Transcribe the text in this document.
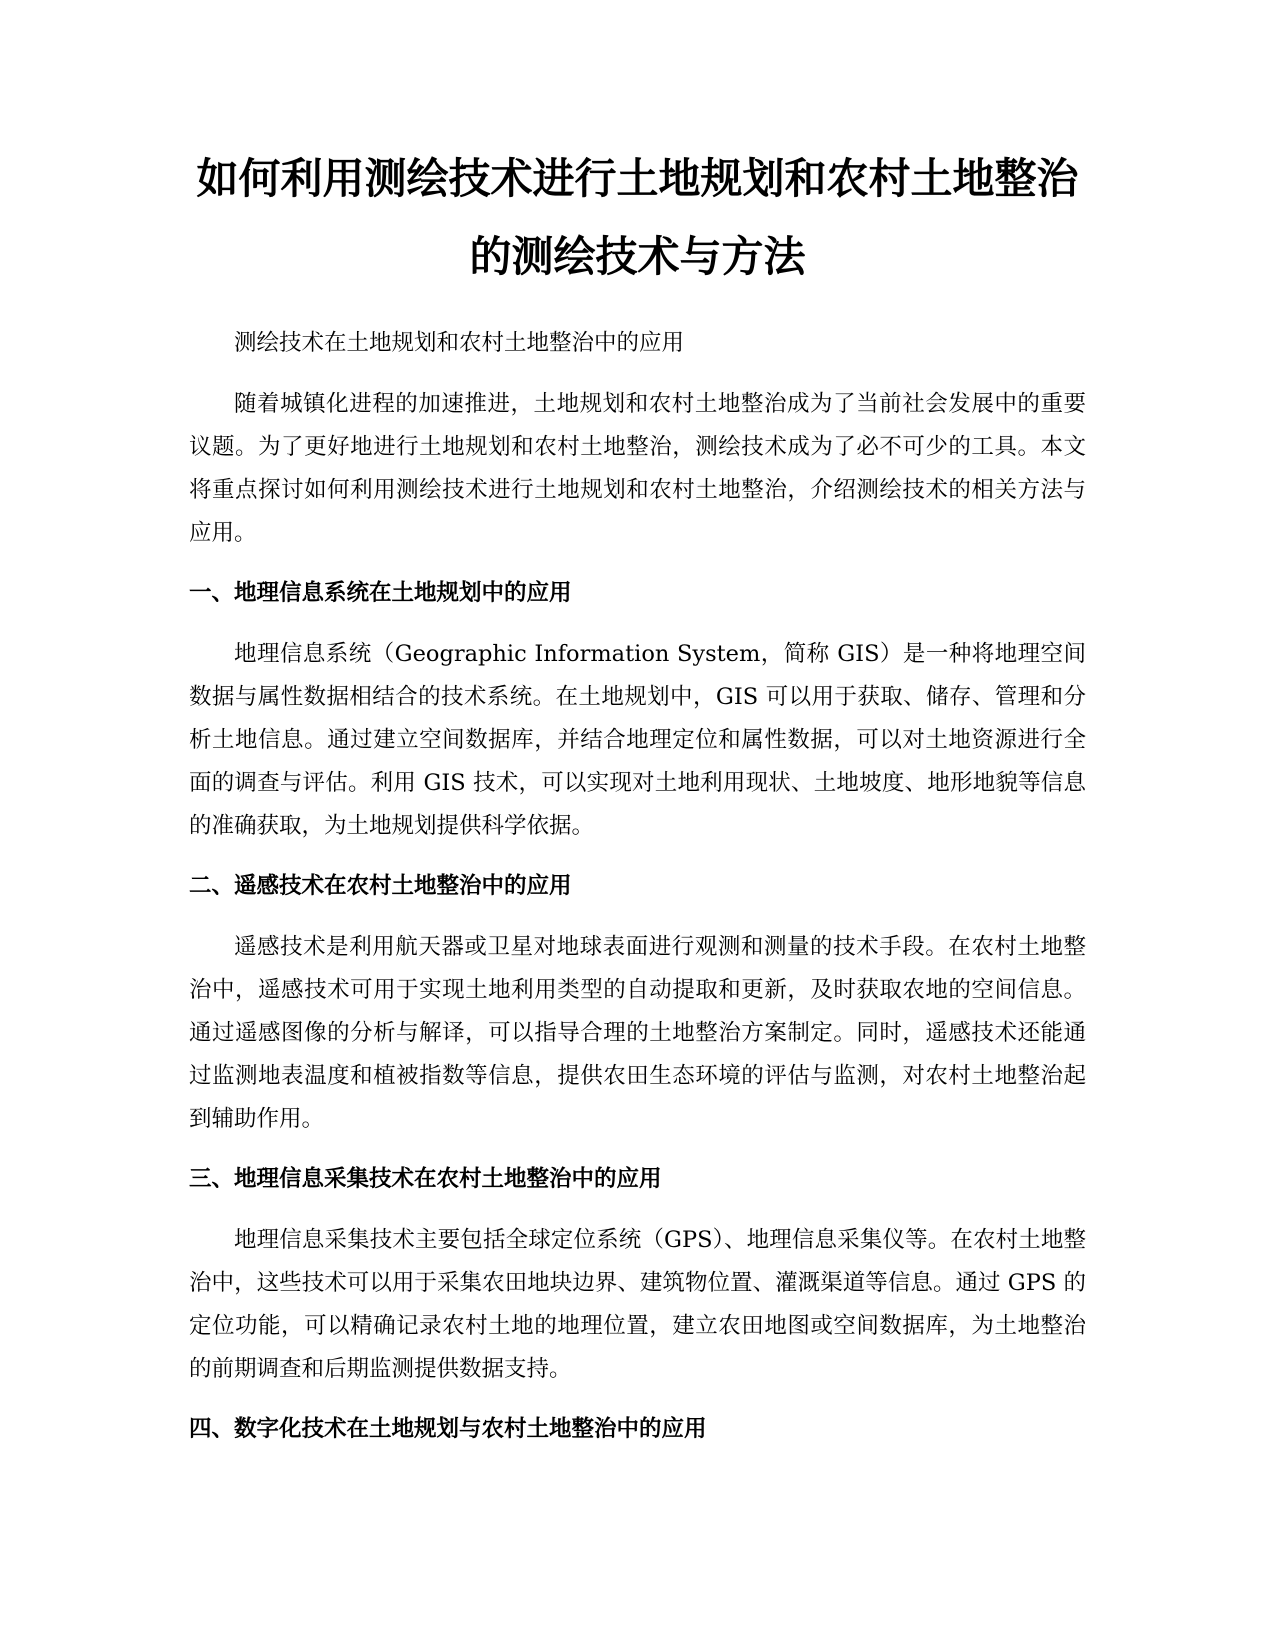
如何利用测绘技术进行土地规划和农村土地整治的测绘技术与方法

测绘技术在土地规划和农村土地整治中的应用

随着城镇化进程的加速推进，土地规划和农村土地整治成为了当前社会发展中的重要议题。为了更好地进行土地规划和农村土地整治，测绘技术成为了必不可少的工具。本文将重点探讨如何利用测绘技术进行土地规划和农村土地整治，介绍测绘技术的相关方法与应用。

一、地理信息系统在土地规划中的应用

地理信息系统（Geographic Information System，简称 GIS）是一种将地理空间数据与属性数据相结合的技术系统。在土地规划中，GIS 可以用于获取、储存、管理和分析土地信息。通过建立空间数据库，并结合地理定位和属性数据，可以对土地资源进行全面的调查与评估。利用 GIS 技术，可以实现对土地利用现状、土地坡度、地形地貌等信息的准确获取，为土地规划提供科学依据。

二、遥感技术在农村土地整治中的应用

遥感技术是利用航天器或卫星对地球表面进行观测和测量的技术手段。在农村土地整治中，遥感技术可用于实现土地利用类型的自动提取和更新，及时获取农地的空间信息。通过遥感图像的分析与解译，可以指导合理的土地整治方案制定。同时，遥感技术还能通过监测地表温度和植被指数等信息，提供农田生态环境的评估与监测，对农村土地整治起到辅助作用。

三、地理信息采集技术在农村土地整治中的应用

地理信息采集技术主要包括全球定位系统（GPS）、地理信息采集仪等。在农村土地整治中，这些技术可以用于采集农田地块边界、建筑物位置、灌溉渠道等信息。通过 GPS 的定位功能，可以精确记录农村土地的地理位置，建立农田地图或空间数据库，为土地整治的前期调查和后期监测提供数据支持。

四、数字化技术在土地规划与农村土地整治中的应用
